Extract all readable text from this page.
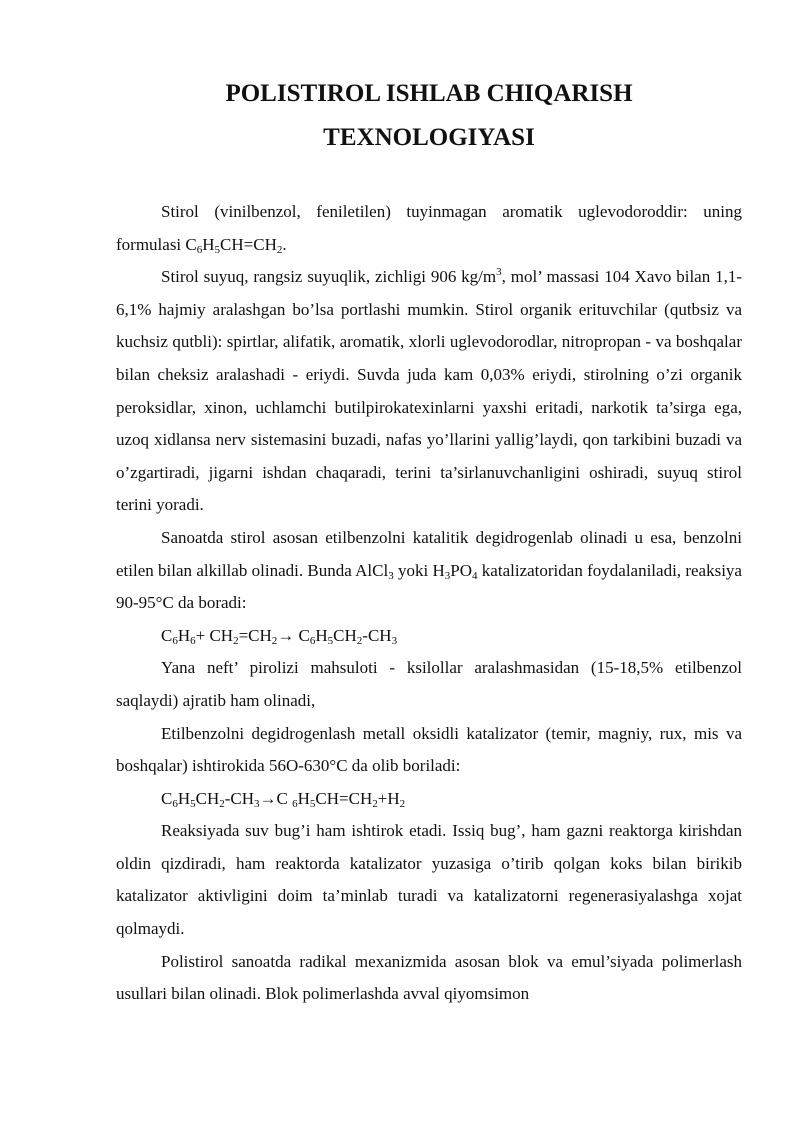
POLISTIROL ISHLAB CHIQARISH
TEXNOLOGIYASI

Stirol (vinilbenzol, feniletilen) tuyinmagan aromatik uglevodoroddir: uning formulasi $C_6H_5CH=CH_2$.

Stirol suyuq, rangsiz suyuqlik, zichligi 906 $kg/m^3$, mol’ massasi 104 Xavo bilan 1,1-6,1% hajmiy aralashgan bo’lsa portlashi mumkin. Stirol organik erituvchilar (qutbsiz va kuchsiz qutbli): spirtlar, alifatik, aromatik, xlorli uglevodorodlar, nitropropan - va boshqalar bilan cheksiz aralashadi - eriydi. Suvda juda kam 0,03% eriydi, stirolning o’zi organik peroksidlar, xinon, uchlamchi butilpirokatexinlarni yaxshi eritadi, narkotik ta’sirga ega, uzoq xidlansa nerv sistemasini buzadi, nafas yo’llarini yallig’laydi, qon tarkibini buzadi va o’zgartiradi, jigarni ishdan chaqaradi, terini ta’sirlanuvchanligini oshiradi, suyuq stirol terini yoradi.

Sanoatda stirol asosan etilbenzolni katalitik degidrogenlab olinadi u esa, benzolni etilen bilan alkillab olinadi. Bunda AlCl$_3$ yoki $H_3PO_4$ katalizatoridan foydalaniladi, reaksiya 90-95°C da boradi:

$C_6H_6+ CH_2=CH_2\to C_6H_5CH_2-CH_3$

Yana neft’ pirolizi mahsuloti - ksilollar aralashmasidan (15-18,5% etilbenzol saqlaydi) ajratib ham olinadi,

Etilbenzolni degidrogenlash metall oksidli katalizator (temir, magniy, rux, mis va boshqalar) ishtirokida 56O-630°C da olib boriladi:

$C_6H_5CH_2-CH_3\to C$ $_6H_5CH=CH_2+H_2$

Reaksiyada suv bug’i ham ishtirok etadi. Issiq bug’, ham gazni reaktorga kirishdan oldin qizdiradi, ham reaktorda katalizator yuzasiga o’tirib qolgan koks bilan birikib katalizator aktivligini doim ta’minlab turadi va katalizatorni regenerasiyalashga xojat qolmaydi.

Polistirol sanoatda radikal mexanizmida asosan blok va emul’siyada polimerlash usullari bilan olinadi. Blok polimerlashda avval qiyomsimon
